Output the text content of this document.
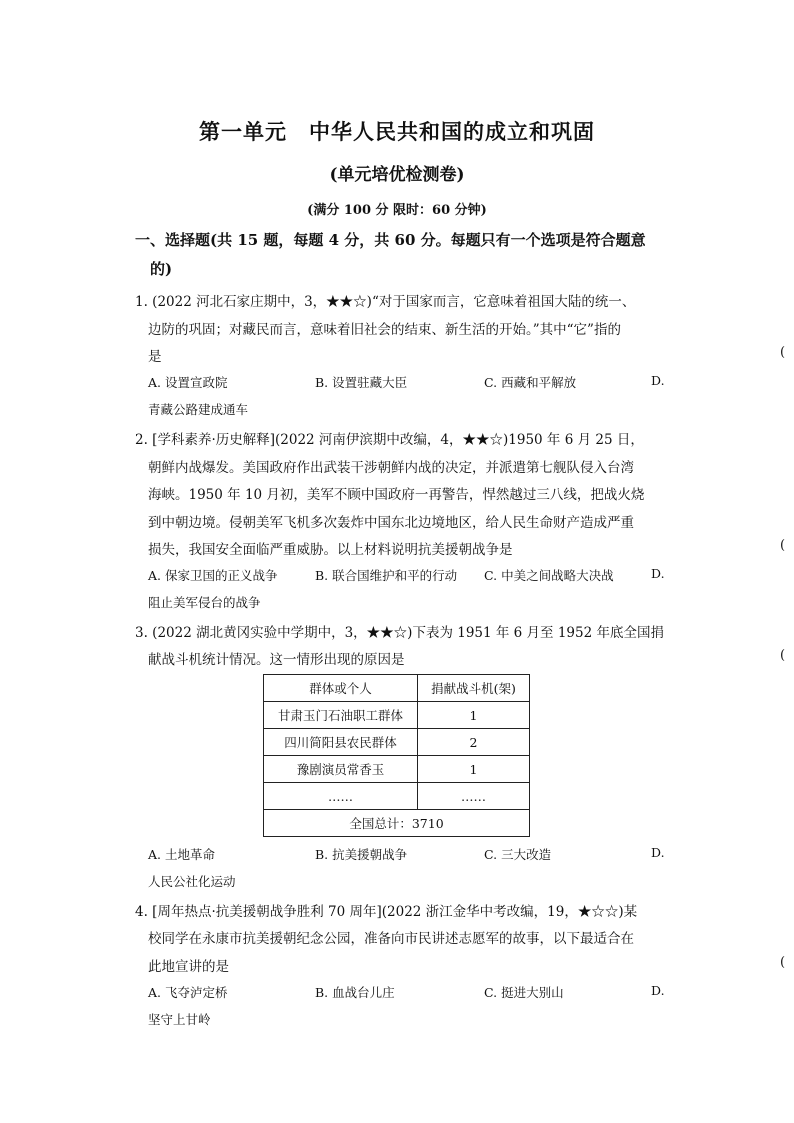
第一单元　中华人民共和国的成立和巩固
(单元培优检测卷)
(满分 100 分 限时：60 分钟)
一、选择题(共 15 题，每题 4 分，共 60 分。每题只有一个选项是符合题意
的)
1. (2022 河北石家庄期中，3，★★☆)“对于国家而言，它意味着祖国大陆的统一、
边防的巩固；对藏民而言，意味着旧社会的结束、新生活的开始。”其中“它”指的
是	(
A. 设置宣政院	B. 设置驻藏大臣	C. 西藏和平解放	D.
青藏公路建成通车
2. [学科素养·历史解释](2022 河南伊滨期中改编，4，★★☆)1950 年 6 月 25 日，
朝鲜内战爆发。美国政府作出武装干涉朝鲜内战的决定，并派遣第七舰队侵入台湾
海峡。1950 年 10 月初，美军不顾中国政府一再警告，悍然越过三八线，把战火烧
到中朝边境。侵朝美军飞机多次轰炸中国东北边境地区，给人民生命财产造成严重
损失，我国安全面临严重威胁。以上材料说明抗美援朝战争是	(
A. 保家卫国的正义战争	B. 联合国维护和平的行动 C. 中美之间战略大决战	D.
阻止美军侵台的战争
3. (2022 湖北黄冈实验中学期中，3，★★☆)下表为 1951 年 6 月至 1952 年底全国捐
献战斗机统计情况。这一情形出现的原因是	(
群体或个人	捐献战斗机(架)
甘肃玉门石油职工群体	1
四川简阳县农民群体	2
豫剧演员常香玉	1
……	……
全国总计：3710	
A. 土地革命	B. 抗美援朝战争	C. 三大改造	D.
人民公社化运动
4. [周年热点·抗美援朝战争胜利 70 周年](2022 浙江金华中考改编，19，★☆☆)某
校同学在永康市抗美援朝纪念公园，准备向市民讲述志愿军的故事，以下最适合在
此地宣讲的是	(
A. 飞夺泸定桥	B. 血战台儿庄	C. 挺进大别山	D.
坚守上甘岭
